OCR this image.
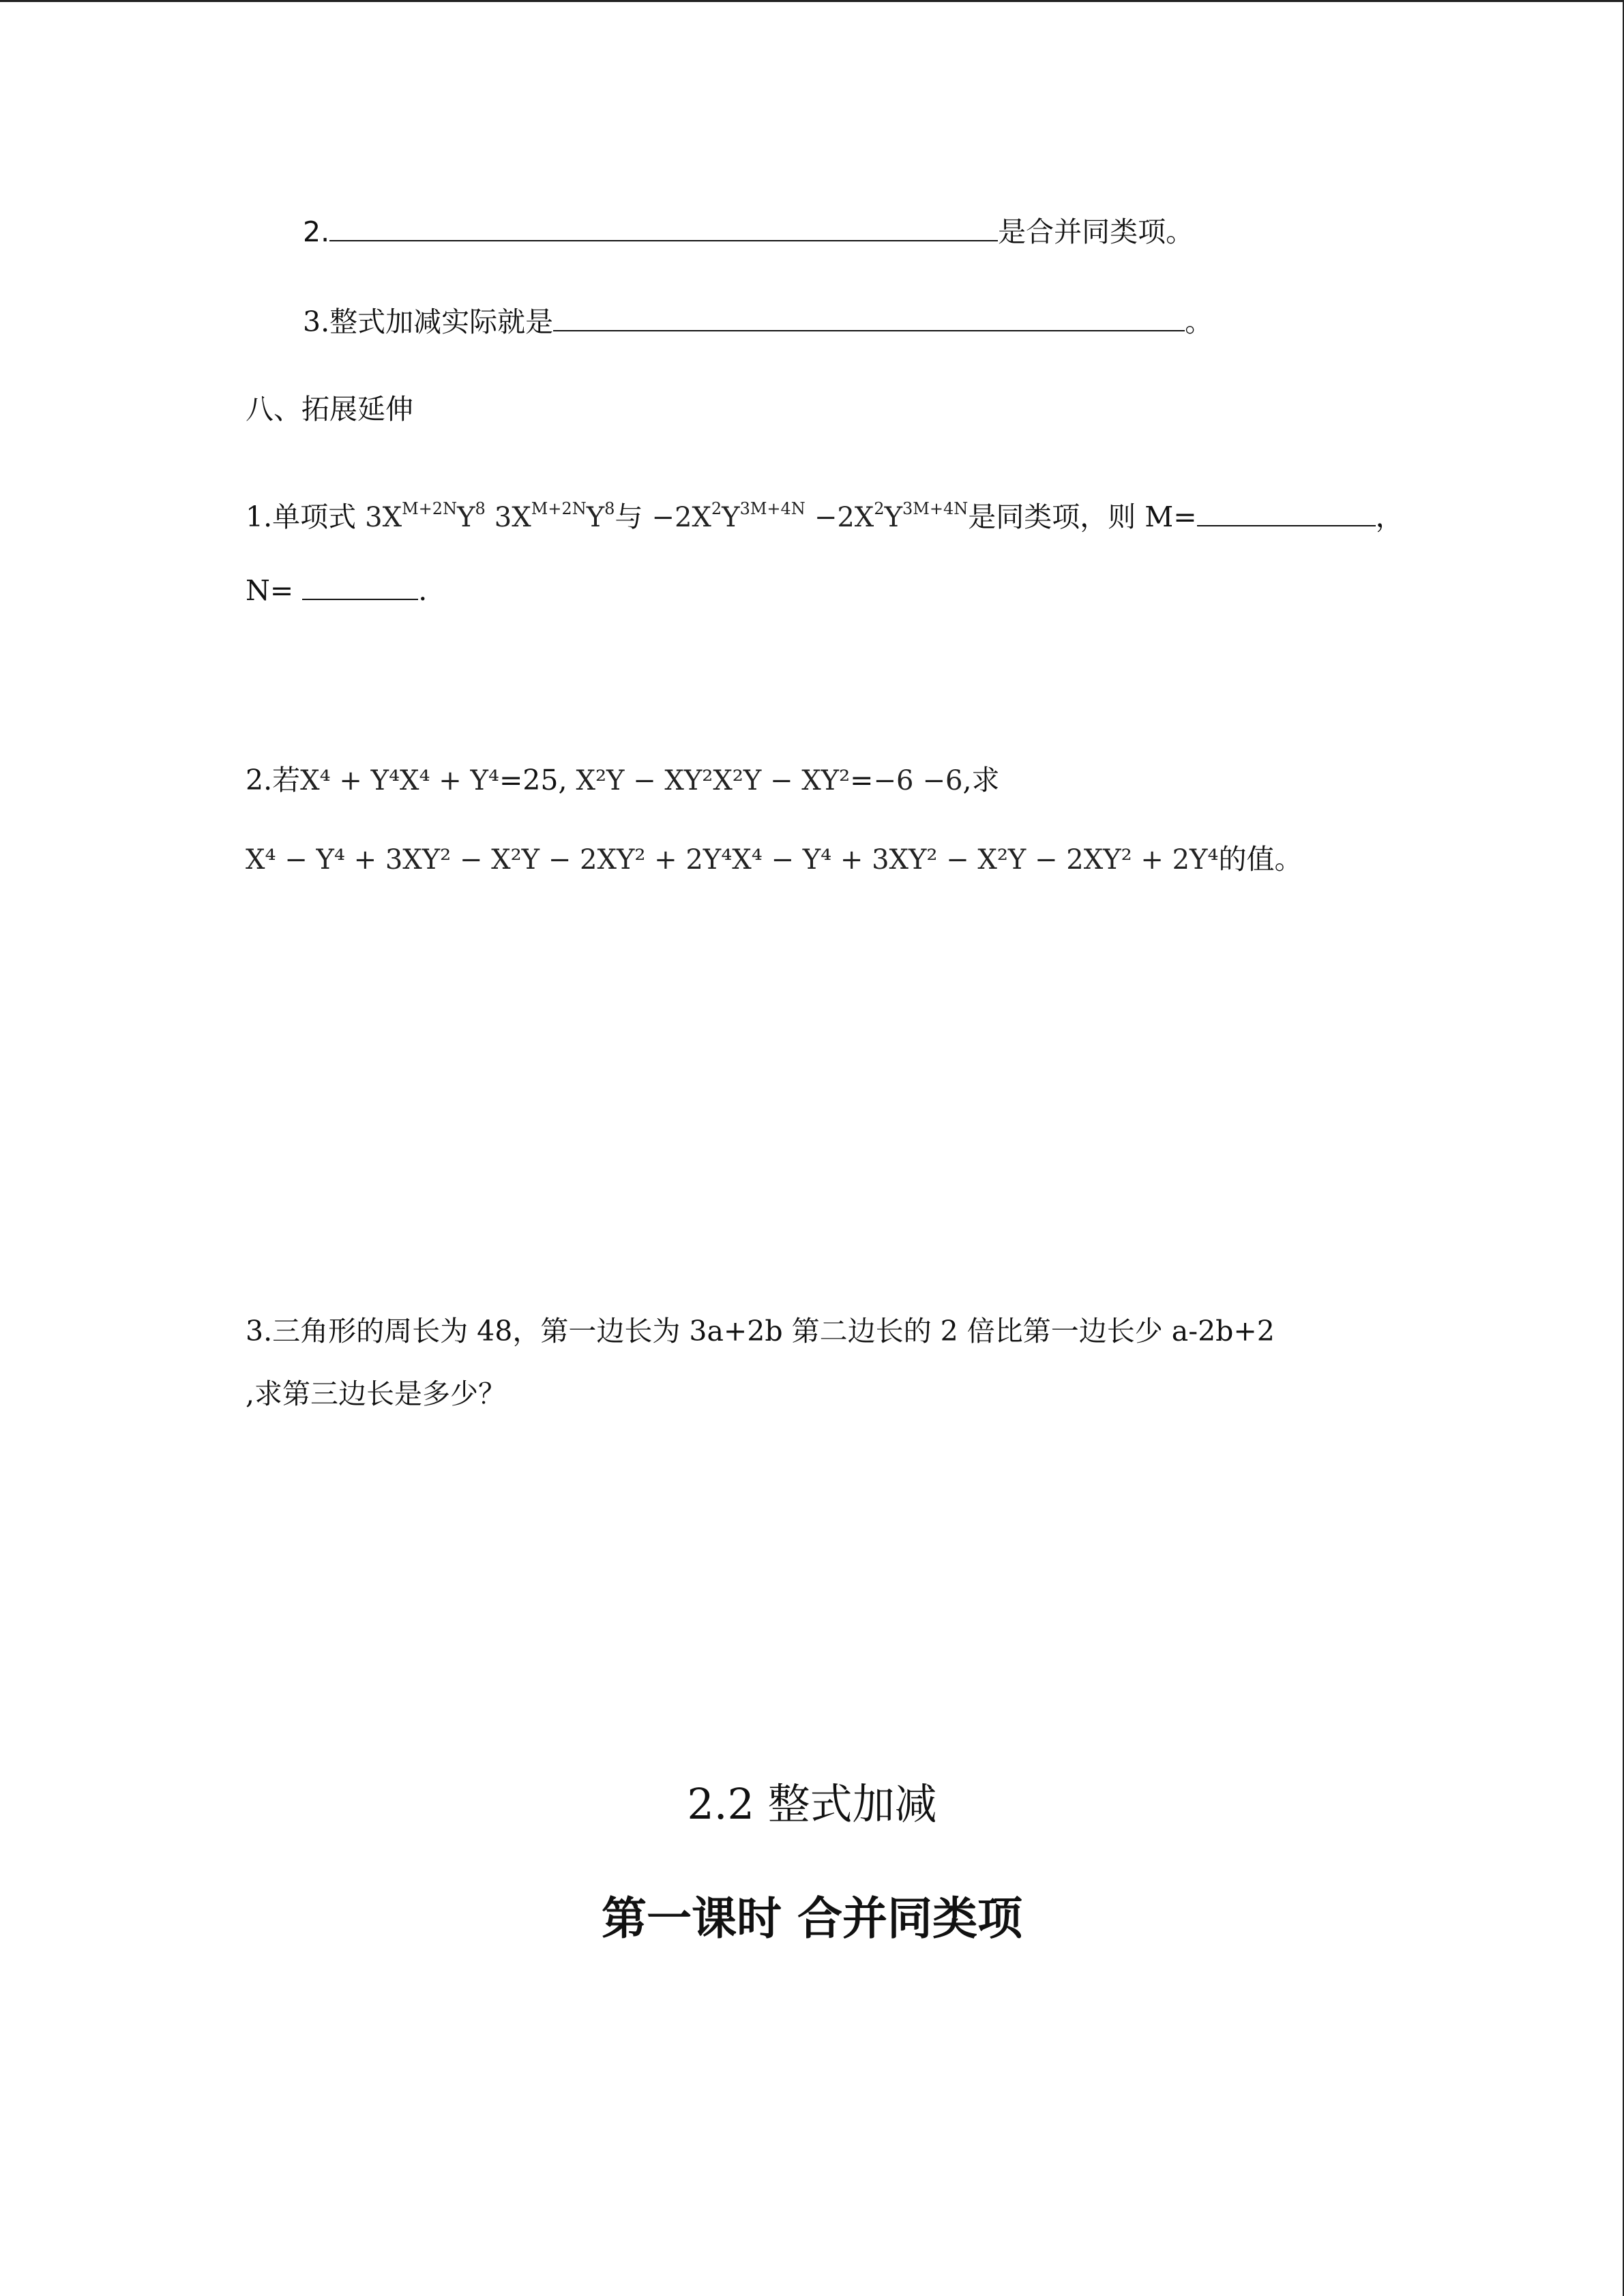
2.	是合并同类项。
3.整式加减实际就是	。
八、拓展延伸
1.单项式 $3X^{M+2N}Y^8$ $3X^{M+2N}Y^8$与 $-2X^2Y^{3M+4N} -2X^2Y^{3M+4N}$是同类项，则 M=	，
N=	.
2.若X⁴ + Y⁴X⁴ + Y⁴=25, X²Y − XY²X²Y − XY²=−6 −6,求
X⁴ − Y⁴ + 3XY² − X²Y − 2XY² + 2Y⁴X⁴ − Y⁴ + 3XY² − X²Y − 2XY² + 2Y⁴的值。
3.三角形的周长为 48，第一边长为 3a+2b 第二边长的 2 倍比第一边长少 a-2b+2
,求第三边长是多少？
2.2 整式加减
第一课时 合并同类项
